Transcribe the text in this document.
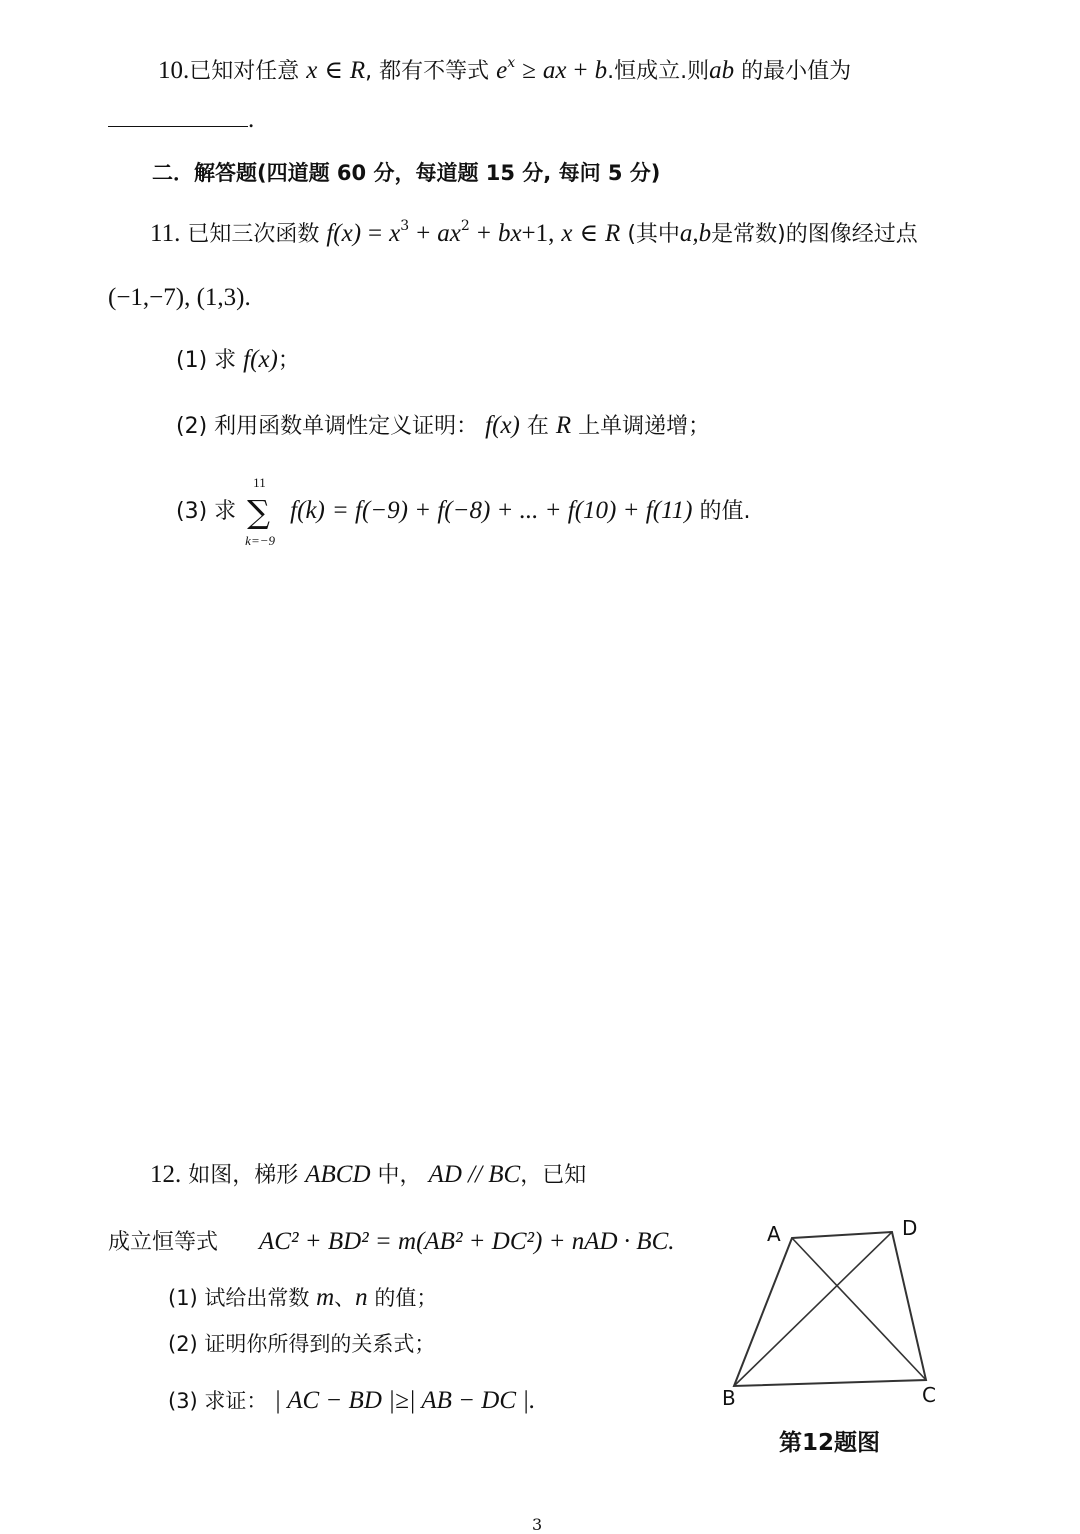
10.已知对任意 x ∈ R, 都有不等式 $e^x$ ≥ ax + b.恒成立.则ab 的最小值为
.
二．解答题(四道题 60 分，每道题 15 分, 每问 5 分)
11. 已知三次函数 $f(x) = x^3 + ax^2 + bx+1$, x ∈ R (其中a,b是常数)的图像经过点
(−1,−7), (1,3).
(1) 求 f(x)；
(2) 利用函数单调性定义证明： f(x) 在 R 上单调递增；
(3) 求
11
∑
k=−9
f(k) = f(−9) + f(−8) + ... + f(10) + f(11) 的值.
12. 如图，梯形 ABCD 中， AD // BC，已知
成立恒等式 AC² + BD² = m(AB² + DC²) + nAD · BC.
(1) 试给出常数 m、n 的值；
(2) 证明你所得到的关系式；
(3) 求证： | AC − BD |≥| AB − DC |.
A	D
B	C
第12题图
3
